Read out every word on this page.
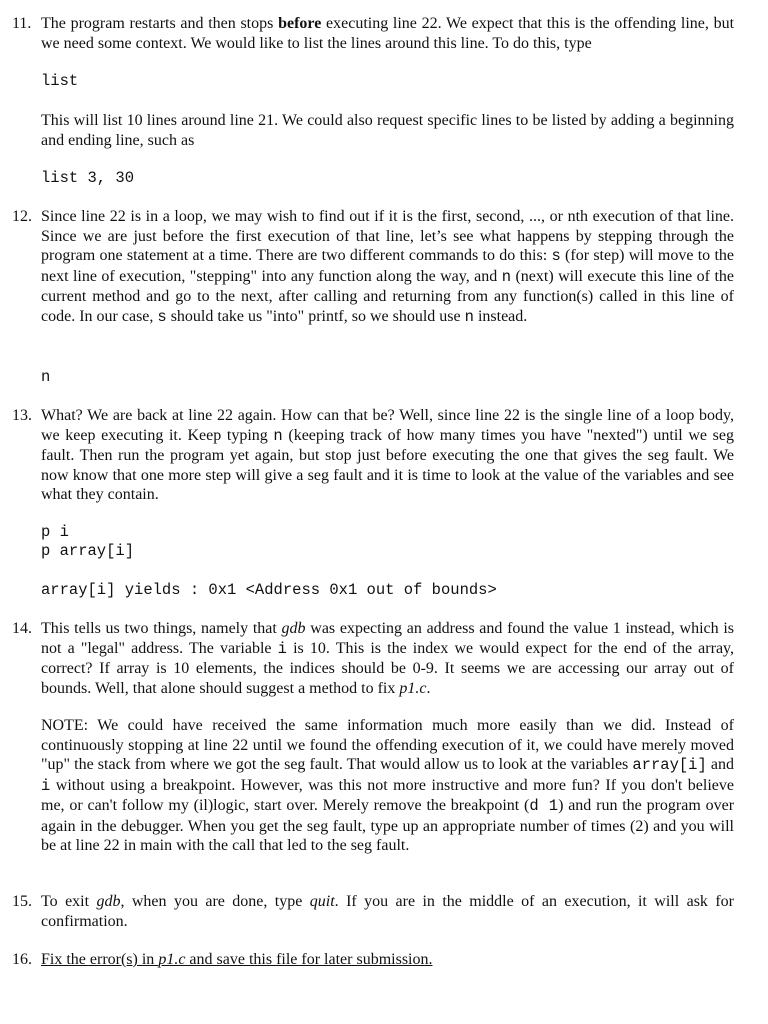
11. The program restarts and then stops before executing line 22. We expect that this is the offending line, but we need some context. We would like to list the lines around this line. To do this, type
list
This will list 10 lines around line 21. We could also request specific lines to be listed by adding a beginning and ending line, such as
list 3, 30
12. Since line 22 is in a loop, we may wish to find out if it is the first, second, ..., or nth execution of that line. Since we are just before the first execution of that line, let’s see what happens by stepping through the program one statement at a time. There are two different commands to do this: s (for step) will move to the next line of execution, "stepping" into any function along the way, and n (next) will execute this line of the current method and go to the next, after calling and returning from any function(s) called in this line of code. In our case, s should take us "into" printf, so we should use n instead.
n
13. What? We are back at line 22 again. How can that be? Well, since line 22 is the single line of a loop body, we keep executing it. Keep typing n (keeping track of how many times you have "nexted") until we seg fault. Then run the program yet again, but stop just before executing the one that gives the seg fault. We now know that one more step will give a seg fault and it is time to look at the value of the variables and see what they contain.
p i
p array[i]
array[i] yields : 0x1 <Address 0x1 out of bounds>
14. This tells us two things, namely that gdb was expecting an address and found the value 1 instead, which is not a "legal" address. The variable i is 10. This is the index we would expect for the end of the array, correct? If array is 10 elements, the indices should be 0-9. It seems we are accessing our array out of bounds. Well, that alone should suggest a method to fix p1.c.
NOTE: We could have received the same information much more easily than we did. Instead of continuously stopping at line 22 until we found the offending execution of it, we could have merely moved "up" the stack from where we got the seg fault. That would allow us to look at the variables array[i] and i without using a breakpoint. However, was this not more instructive and more fun? If you don't believe me, or can't follow my (il)logic, start over. Merely remove the breakpoint (d 1) and run the program over again in the debugger. When you get the seg fault, type up an appropriate number of times (2) and you will be at line 22 in main with the call that led to the seg fault.
15. To exit gdb, when you are done, type quit. If you are in the middle of an execution, it will ask for confirmation.
16. Fix the error(s) in p1.c and save this file for later submission.
